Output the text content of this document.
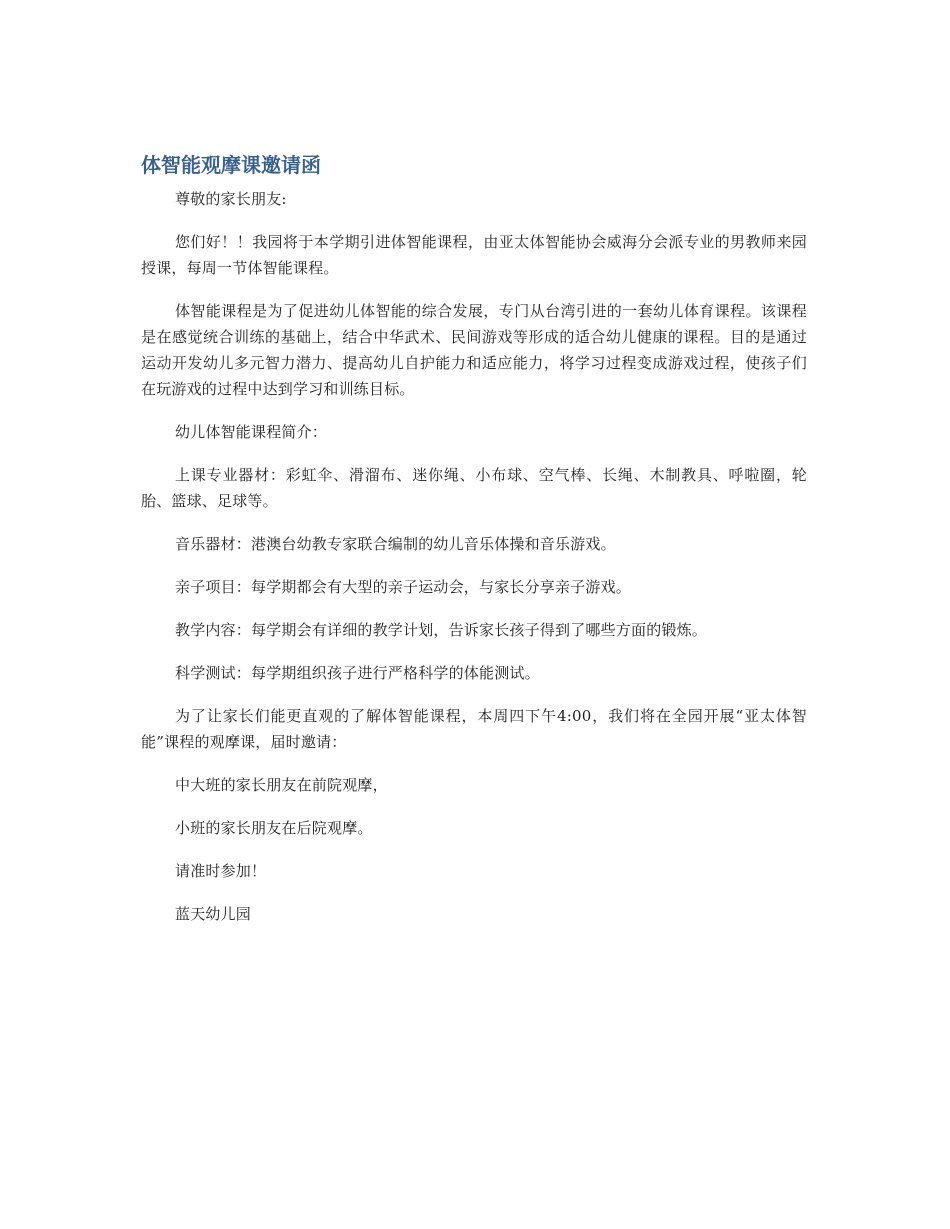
体智能观摩课邀请函

尊敬的家长朋友:

您们好！！我园将于本学期引进体智能课程，由亚太体智能协会威海分会派专业的男教师来园授课，每周一节体智能课程。

体智能课程是为了促进幼儿体智能的综合发展，专门从台湾引进的一套幼儿体育课程。该课程是在感觉统合训练的基础上，结合中华武术、民间游戏等形成的适合幼儿健康的课程。目的是通过运动开发幼儿多元智力潜力、提高幼儿自护能力和适应能力，将学习过程变成游戏过程，使孩子们在玩游戏的过程中达到学习和训练目标。

幼儿体智能课程简介：

上课专业器材：彩虹伞、滑溜布、迷你绳、小布球、空气棒、长绳、木制教具、呼啦圈，轮胎、篮球、足球等。

音乐器材：港澳台幼教专家联合编制的幼儿音乐体操和音乐游戏。

亲子项目：每学期都会有大型的亲子运动会，与家长分享亲子游戏。

教学内容：每学期会有详细的教学计划，告诉家长孩子得到了哪些方面的锻炼。

科学测试：每学期组织孩子进行严格科学的体能测试。

为了让家长们能更直观的了解体智能课程，本周四下午4:00，我们将在全园开展“亚太体智能”课程的观摩课，届时邀请：

中大班的家长朋友在前院观摩，

小班的家长朋友在后院观摩。

请准时参加！

蓝天幼儿园
